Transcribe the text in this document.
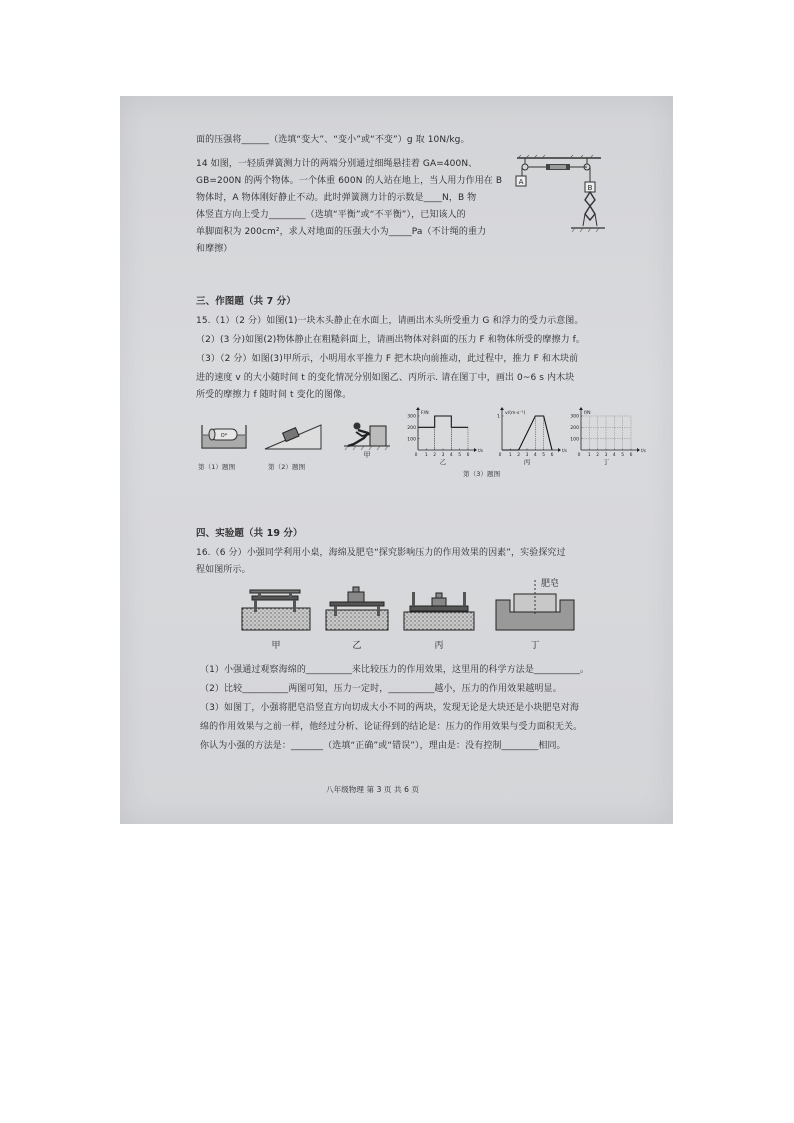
面的压强将______（选填“变大”、“变小”或“不变”）g 取 10N/kg。
14 如图，一轻质弹簧测力计的两端分别通过细绳悬挂着 GA=400N、
GB=200N 的两个物体。一个体重 600N 的人站在地上，当人用力作用在 B
物体时，A 物体刚好静止不动。此时弹簧测力计的示数是____N，B 物
体竖直方向上受力________（选填“平衡”或“不平衡”），已知该人的
单脚面积为 200cm²，求人对地面的压强大小为_____Pa（不计绳的重力
和摩擦）
A
B
三、作图题（共 7 分）
15.（1）（2 分）如图(1)一块木头静止在水面上，请画出木头所受重力 G 和浮力的受力示意图。
（2）(3 分)如图(2)物体静止在粗糙斜面上，请画出物体对斜面的压力 F 和物体所受的摩擦力 f。
（3）（2 分）如图(3)甲所示，小明用水平推力 F 把木块向前推动，此过程中，推力 F 和木块前
进的速度 v 的大小随时间 t 的变化情况分别如图乙、丙所示. 请在图丁中，画出 0~6 s 内木块
所受的摩擦力 f 随时间 t 变化的图像。
O*
第（1）题图	第（2）题图
甲
F/N
t/s
1 2 3 4 5 6
0
300
200
100
乙
v/(m·s⁻¹)
t/s
1 2 3 4 5 6
0
1
丙
f/N
t/s
1 2 3 4 5 6
0
300
200
100
丁
第（3）题图
四、实验题（共 19 分）
16.（6 分）小强同学利用小桌，海绵及肥皂“探究影响压力的作用效果的因素”，实验探究过
程如图所示。
甲	乙	丙
肥皂
丁
（1）小强通过观察海绵的__________来比较压力的作用效果，这里用的科学方法是__________。
（2）比较__________两图可知，压力一定时，__________越小，压力的作用效果越明显。
（3）如图丁，小强将肥皂沿竖直方向切成大小不同的两块，发现无论是大块还是小块肥皂对海
绵的作用效果与之前一样，他经过分析、论证得到的结论是：压力的作用效果与受力面积无关。
你认为小强的方法是：_______（选填“正确”或“错误”），理由是：没有控制________相同。
八年级物理 第 3 页 共 6 页
